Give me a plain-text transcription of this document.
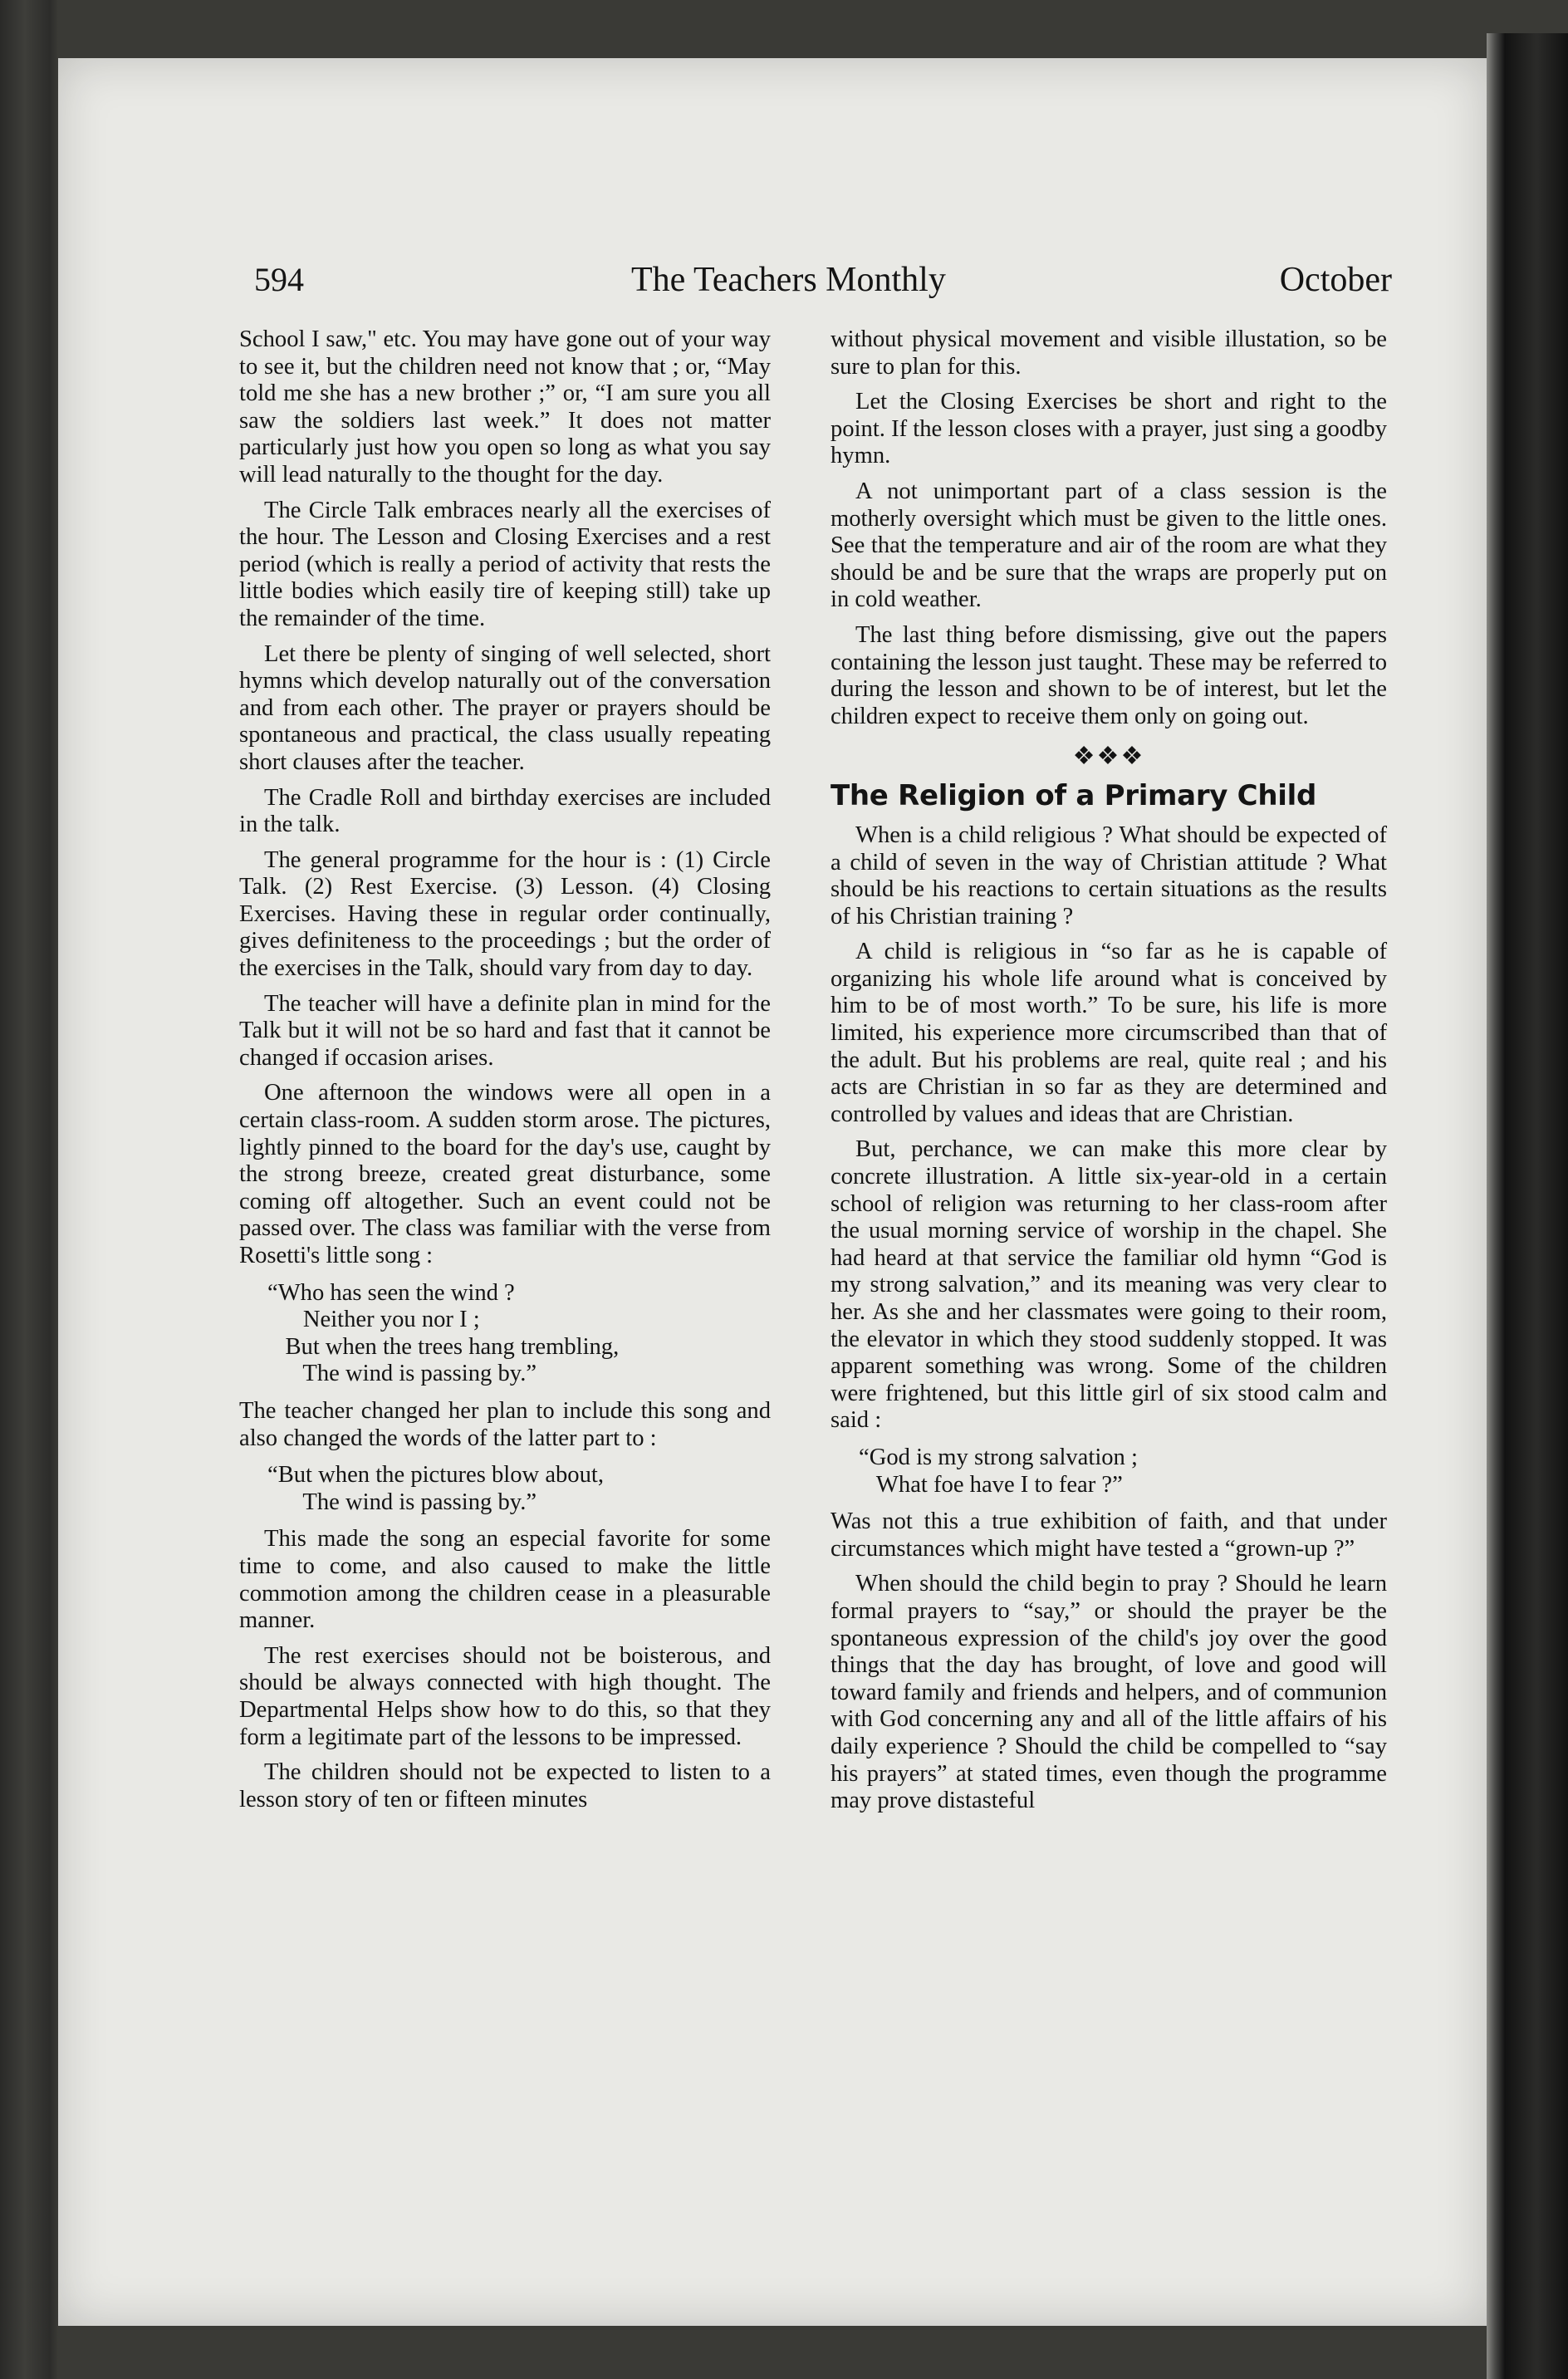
594	The Teachers Monthly	October

School I saw," etc. You may have gone out of your way to see it, but the children need not know that ; or, “May told me she has a new brother ;” or, “I am sure you all saw the soldiers last week.” It does not matter particularly just how you open so long as what you say will lead naturally to the thought for the day.

The Circle Talk embraces nearly all the exercises of the hour. The Lesson and Closing Exercises and a rest period (which is really a period of activity that rests the little bodies which easily tire of keeping still) take up the remainder of the time.

Let there be plenty of singing of well selected, short hymns which develop naturally out of the conversation and from each other. The prayer or prayers should be spontaneous and practical, the class usually repeating short clauses after the teacher.

The Cradle Roll and birthday exercises are included in the talk.

The general programme for the hour is : (1) Circle Talk. (2) Rest Exercise. (3) Lesson. (4) Closing Exercises. Having these in regular order continually, gives definiteness to the proceedings ; but the order of the exercises in the Talk, should vary from day to day.

The teacher will have a definite plan in mind for the Talk but it will not be so hard and fast that it cannot be changed if occasion arises.

One afternoon the windows were all open in a certain class-room. A sudden storm arose. The pictures, lightly pinned to the board for the day's use, caught by the strong breeze, created great disturbance, some coming off altogether. Such an event could not be passed over. The class was familiar with the verse from Rosetti's little song :

“Who has seen the wind ?
Neither you nor I ;
But when the trees hang trembling,
The wind is passing by.”

The teacher changed her plan to include this song and also changed the words of the latter part to :

“But when the pictures blow about,
The wind is passing by.”

This made the song an especial favorite for some time to come, and also caused to make the little commotion among the children cease in a pleasurable manner.

The rest exercises should not be boisterous, and should be always connected with high thought. The Departmental Helps show how to do this, so that they form a legitimate part of the lessons to be impressed.

The children should not be expected to listen to a lesson story of ten or fifteen minutes

without physical movement and visible illustation, so be sure to plan for this.

Let the Closing Exercises be short and right to the point. If the lesson closes with a prayer, just sing a goodby hymn.

A not unimportant part of a class session is the motherly oversight which must be given to the little ones. See that the temperature and air of the room are what they should be and be sure that the wraps are properly put on in cold weather.

The last thing before dismissing, give out the papers containing the lesson just taught. These may be referred to during the lesson and shown to be of interest, but let the children expect to receive them only on going out.

❖❖❖
The Religion of a Primary Child

When is a child religious ? What should be expected of a child of seven in the way of Christian attitude ? What should be his reactions to certain situations as the results of his Christian training ?

A child is religious in “so far as he is capable of organizing his whole life around what is conceived by him to be of most worth.” To be sure, his life is more limited, his experience more circumscribed than that of the adult. But his problems are real, quite real ; and his acts are Christian in so far as they are determined and controlled by values and ideas that are Christian.

But, perchance, we can make this more clear by concrete illustration. A little six-year-old in a certain school of religion was returning to her class-room after the usual morning service of worship in the chapel. She had heard at that service the familiar old hymn “God is my strong salvation,” and its meaning was very clear to her. As she and her classmates were going to their room, the elevator in which they stood suddenly stopped. It was apparent something was wrong. Some of the children were frightened, but this little girl of six stood calm and said :

“God is my strong salvation ;
What foe have I to fear ?”

Was not this a true exhibition of faith, and that under circumstances which might have tested a “grown-up ?”

When should the child begin to pray ? Should he learn formal prayers to “say,” or should the prayer be the spontaneous expression of the child's joy over the good things that the day has brought, of love and good will toward family and friends and helpers, and of communion with God concerning any and all of the little affairs of his daily experience ? Should the child be compelled to “say his prayers” at stated times, even though the programme may prove distasteful
